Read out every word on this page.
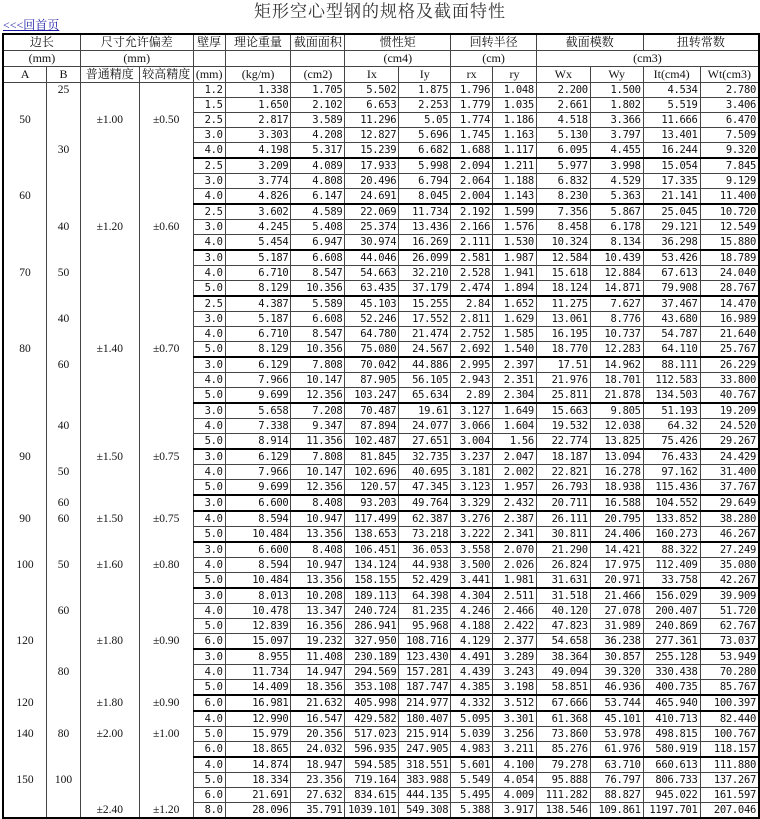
矩形空心型钢的规格及截面特性
<<<回首页
边长		尺寸允许偏差		壁厚	理论重量	截面面积	惯性矩		回转半径		截面模数		扭转常数	
(mm)		(mm)					(cm4)		(cm)		(cm3)			
A	B	普通精度	较高精度	(mm)	(kg/m)	(cm2)	Ix	Iy	rx	ry	Wx	Wy	It(cm4)	Wt(cm3)
	25			1.2	1.338	1.705	5.502	1.875	1.796	1.048	2.200	1.500	4.534	2.780
				1.5	1.650	2.102	6.653	2.253	1.779	1.035	2.661	1.802	5.519	3.406
50		±1.00	±0.50	2.5	2.817	3.589	11.296	5.05	1.774	1.186	4.518	3.366	11.666	6.470
				3.0	3.303	4.208	12.827	5.696	1.745	1.163	5.130	3.797	13.401	7.509
	30			4.0	4.198	5.317	15.239	6.682	1.688	1.117	6.095	4.455	16.244	9.320
				2.5	3.209	4.089	17.933	5.998	2.094	1.211	5.977	3.998	15.054	7.845
				3.0	3.774	4.808	20.496	6.794	2.064	1.188	6.832	4.529	17.335	9.129
60				4.0	4.826	6.147	24.691	8.045	2.004	1.143	8.230	5.363	21.141	11.400
				2.5	3.602	4.589	22.069	11.734	2.192	1.599	7.356	5.867	25.045	10.720
	40	±1.20	±0.60	3.0	4.245	5.408	25.374	13.436	2.166	1.576	8.458	6.178	29.121	12.549
				4.0	5.454	6.947	30.974	16.269	2.111	1.530	10.324	8.134	36.298	15.880
				3.0	5.187	6.608	44.046	26.099	2.581	1.987	12.584	10.439	53.426	18.789
70	50			4.0	6.710	8.547	54.663	32.210	2.528	1.941	15.618	12.884	67.613	24.040
				5.0	8.129	10.356	63.435	37.179	2.474	1.894	18.124	14.871	79.908	28.767
				2.5	4.387	5.589	45.103	15.255	2.84	1.652	11.275	7.627	37.467	14.470
	40			3.0	5.187	6.608	52.246	17.552	2.811	1.629	13.061	8.776	43.680	16.989
				4.0	6.710	8.547	64.780	21.474	2.752	1.585	16.195	10.737	54.787	21.640
80		±1.40	±0.70	5.0	8.129	10.356	75.080	24.567	2.692	1.540	18.770	12.283	64.110	25.767
	60			3.0	6.129	7.808	70.042	44.886	2.995	2.397	17.51	14.962	88.111	26.229
				4.0	7.966	10.147	87.905	56.105	2.943	2.351	21.976	18.701	112.583	33.800
				5.0	9.699	12.356	103.247	65.634	2.89	2.304	25.811	21.878	134.503	40.767
				3.0	5.658	7.208	70.487	19.61	3.127	1.649	15.663	9.805	51.193	19.209
	40			4.0	7.338	9.347	87.894	24.077	3.066	1.604	19.532	12.038	64.32	24.520
				5.0	8.914	11.356	102.487	27.651	3.004	1.56	22.774	13.825	75.426	29.267
90		±1.50	±0.75	3.0	6.129	7.808	81.845	32.735	3.237	2.047	18.187	13.094	76.433	24.429
	50			4.0	7.966	10.147	102.696	40.695	3.181	2.002	22.821	16.278	97.162	31.400
				5.0	9.699	12.356	120.57	47.345	3.123	1.957	26.793	18.938	115.436	37.767
	60			3.0	6.600	8.408	93.203	49.764	3.329	2.432	20.711	16.588	104.552	29.649
90	60	±1.50	±0.75	4.0	8.594	10.947	117.499	62.387	3.276	2.387	26.111	20.795	133.852	38.280
				5.0	10.484	13.356	138.653	73.218	3.222	2.341	30.811	24.406	160.273	46.267
				3.0	6.600	8.408	106.451	36.053	3.558	2.070	21.290	14.421	88.322	27.249
100	50	±1.60	±0.80	4.0	8.594	10.947	134.124	44.938	3.500	2.026	26.824	17.975	112.409	35.080
				5.0	10.484	13.356	158.155	52.429	3.441	1.981	31.631	20.971	33.758	42.267
				3.0	8.013	10.208	189.113	64.398	4.304	2.511	31.518	21.466	156.029	39.909
	60			4.0	10.478	13.347	240.724	81.235	4.246	2.466	40.120	27.078	200.407	51.720
				5.0	12.839	16.356	286.941	95.968	4.188	2.422	47.823	31.989	240.869	62.767
120		±1.80	±0.90	6.0	15.097	19.232	327.950	108.716	4.129	2.377	54.658	36.238	277.361	73.037
				3.0	8.955	11.408	230.189	123.430	4.491	3.289	38.364	30.857	255.128	53.949
	80			4.0	11.734	14.947	294.569	157.281	4.439	3.243	49.094	39.320	330.438	70.280
				5.0	14.409	18.356	353.108	187.747	4.385	3.198	58.851	46.936	400.735	85.767
120		±1.80	±0.90	6.0	16.981	21.632	405.998	214.977	4.332	3.512	67.666	53.744	465.940	100.397
				4.0	12.990	16.547	429.582	180.407	5.095	3.301	61.368	45.101	410.713	82.440
140	80	±2.00	±1.00	5.0	15.979	20.356	517.023	215.914	5.039	3.256	73.860	53.978	498.815	100.767
				6.0	18.865	24.032	596.935	247.905	4.983	3.211	85.276	61.976	580.919	118.157
				4.0	14.874	18.947	594.585	318.551	5.601	4.100	79.278	63.710	660.613	111.880
150	100			5.0	18.334	23.356	719.164	383.988	5.549	4.054	95.888	76.797	806.733	137.267
				6.0	21.691	27.632	834.615	444.135	5.495	4.009	111.282	88.827	945.022	161.597
		±2.40	±1.20	8.0	28.096	35.791	1039.101	549.308	5.388	3.917	138.546	109.861	1197.701	207.046
